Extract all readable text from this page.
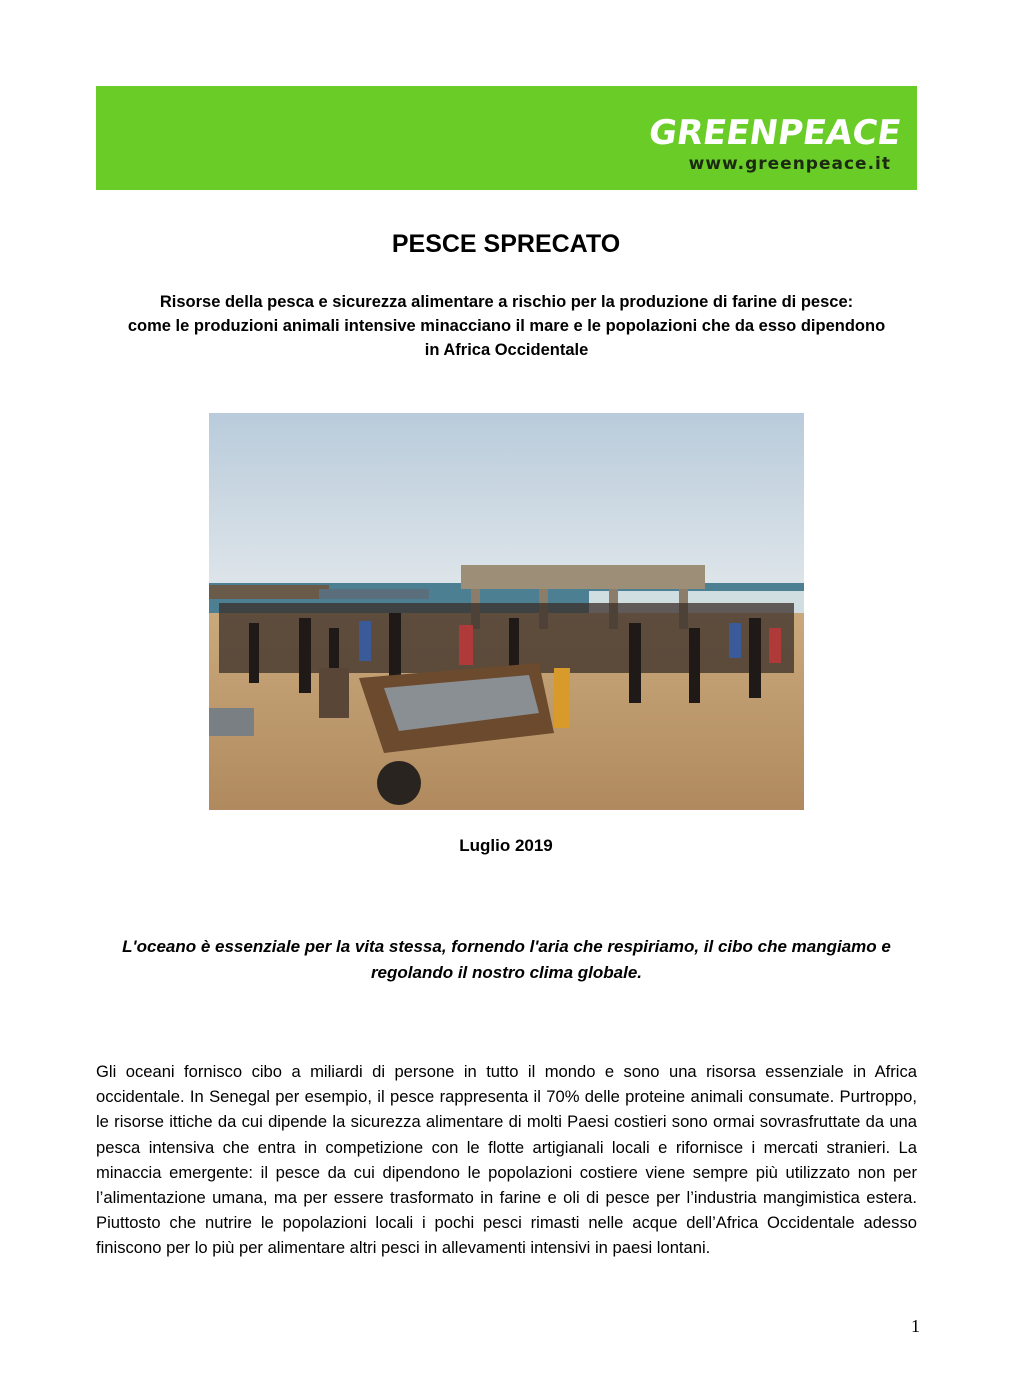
GREENPEACE
www.greenpeace.it
PESCE SPRECATO
Risorse della pesca e sicurezza alimentare a rischio per la produzione di farine di pesce:
come le produzioni animali intensive minacciano il mare e le popolazioni che da esso dipendono
in Africa Occidentale
Luglio 2019
L'oceano è essenziale per la vita stessa, fornendo l'aria che respiriamo, il cibo che mangiamo e
regolando il nostro clima globale.
Gli oceani fornisco cibo a miliardi di persone in tutto il mondo e sono una risorsa essenziale in Africa occidentale. In Senegal per esempio, il pesce rappresenta il 70% delle proteine animali consumate. Purtroppo, le risorse ittiche da cui dipende la sicurezza alimentare di molti Paesi costieri sono ormai sovrasfruttate da una pesca intensiva che entra in competizione con le flotte artigianali locali e rifornisce i mercati stranieri. La minaccia emergente: il pesce da cui dipendono le popolazioni costiere viene sempre più utilizzato non per l’alimentazione umana, ma per essere trasformato in farine e oli di pesce per l’industria mangimistica estera. Piuttosto che nutrire le popolazioni locali i pochi pesci rimasti nelle acque dell’Africa Occidentale adesso finiscono per lo più per alimentare altri pesci in allevamenti intensivi in paesi lontani.
1
